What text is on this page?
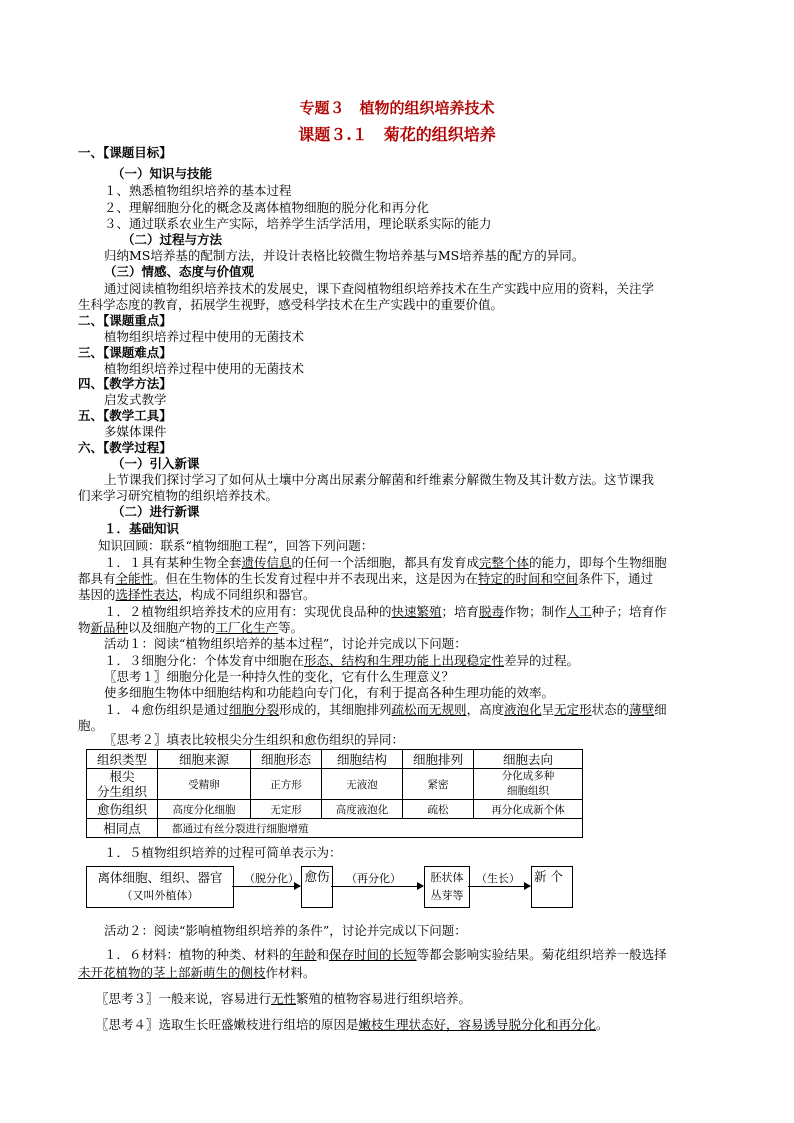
专题３　植物的组织培养技术
课题３.１　菊花的组织培养
一、【课题目标】
（一）知识与技能
１、熟悉植物组织培养的基本过程
２、理解细胞分化的概念及离体植物细胞的脱分化和再分化
３、通过联系农业生产实际，培养学生活学活用，理论联系实际的能力
（二）过程与方法
归纳MS培养基的配制方法，并设计表格比较微生物培养基与MS培养基的配方的异同。
（三）情感、态度与价值观
通过阅读植物组织培养技术的发展史，课下查阅植物组织培养技术在生产实践中应用的资料，关注学
生科学态度的教育，拓展学生视野，感受科学技术在生产实践中的重要价值。
二、【课题重点】
植物组织培养过程中使用的无菌技术
三、【课题难点】
植物组织培养过程中使用的无菌技术
四、【教学方法】
启发式教学
五、【教学工具】
多媒体课件
六、【教学过程】
（一）引入新课
上节课我们探讨学习了如何从土壤中分离出尿素分解菌和纤维素分解微生物及其计数方法。这节课我
们来学习研究植物的组织培养技术。
（二）进行新课
１．基础知识
知识回顾：联系“植物细胞工程”，回答下列问题：
１．１具有某种生物全套遗传信息的任何一个活细胞，都具有发育成完整个体的能力，即每个生物细胞
都具有全能性。但在生物体的生长发育过程中并不表现出来，这是因为在特定的时间和空间条件下，通过
基因的选择性表达，构成不同组织和器官。
１．２植物组织培养技术的应用有：实现优良品种的快速繁殖；培育脱毒作物；制作人工种子；培育作
物新品种以及细胞产物的工厂化生产等。
活动１：阅读“植物组织培养的基本过程”，讨论并完成以下问题：
１．３细胞分化：个体发育中细胞在形态、结构和生理功能上出现稳定性差异的过程。
〖思考１〗细胞分化是一种持久性的变化，它有什么生理意义？
使多细胞生物体中细胞结构和功能趋向专门化，有利于提高各种生理功能的效率。
１．４愈伤组织是通过细胞分裂形成的，其细胞排列疏松而无规则，高度液泡化呈无定形状态的薄壁细
胞。
〖思考２〗填表比较根尖分生组织和愈伤组织的异同：
组织类型	细胞来源	细胞形态	细胞结构	细胞排列	细胞去向
根尖
分生组织	受精卵	正方形	无液泡	紧密	分化成多种
细胞组织
愈伤组织	高度分化细胞	无定形	高度液泡化	疏松	再分化成新个体
相同点	都通过有丝分裂进行细胞增殖				
１．５植物组织培养的过程可简单表示为：
离体细胞、组织、器官
（又叫外植体）
（脱分化） 愈伤	（再分化）	胚状体
丛芽等
（生长） 新 个
活动２：阅读“影响植物组织培养的条件”，讨论并完成以下问题：
１．６材料：植物的种类、材料的年龄和保存时间的长短等都会影响实验结果。菊花组织培养一般选择
未开花植物的茎上部新萌生的侧枝作材料。
〖思考３〗一般来说，容易进行无性繁殖的植物容易进行组织培养。
〖思考４〗选取生长旺盛嫩枝进行组培的原因是嫩枝生理状态好，容易诱导脱分化和再分化。
